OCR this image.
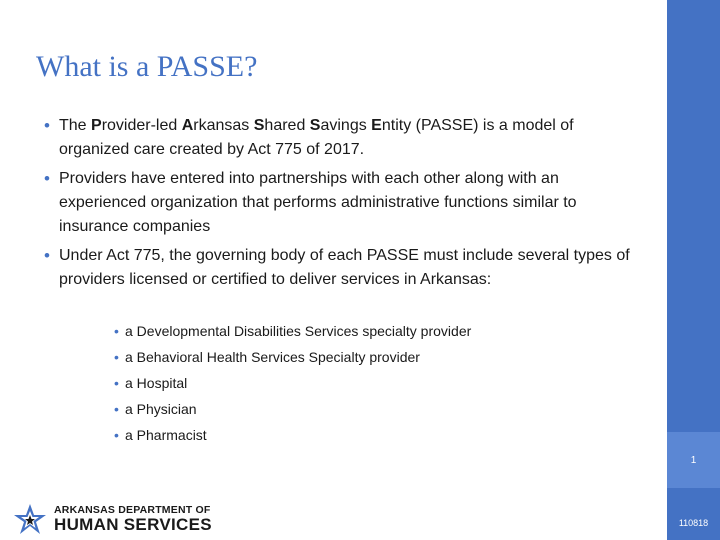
1
110818
What is a PASSE?

• The Provider-led Arkansas Shared Savings Entity (PASSE) is a model of organized care created by Act 775 of 2017.

• Providers have entered into partnerships with each other along with an experienced organization that performs administrative functions similar to insurance companies

• Under Act 775, the governing body of each PASSE must include several types of providers licensed or certified to deliver services in Arkansas:

• a Developmental Disabilities Services specialty provider
• a Behavioral Health Services Specialty provider
• a Hospital
• a Physician
• a Pharmacist
ARKANSAS DEPARTMENT OF
HUMAN SERVICES
